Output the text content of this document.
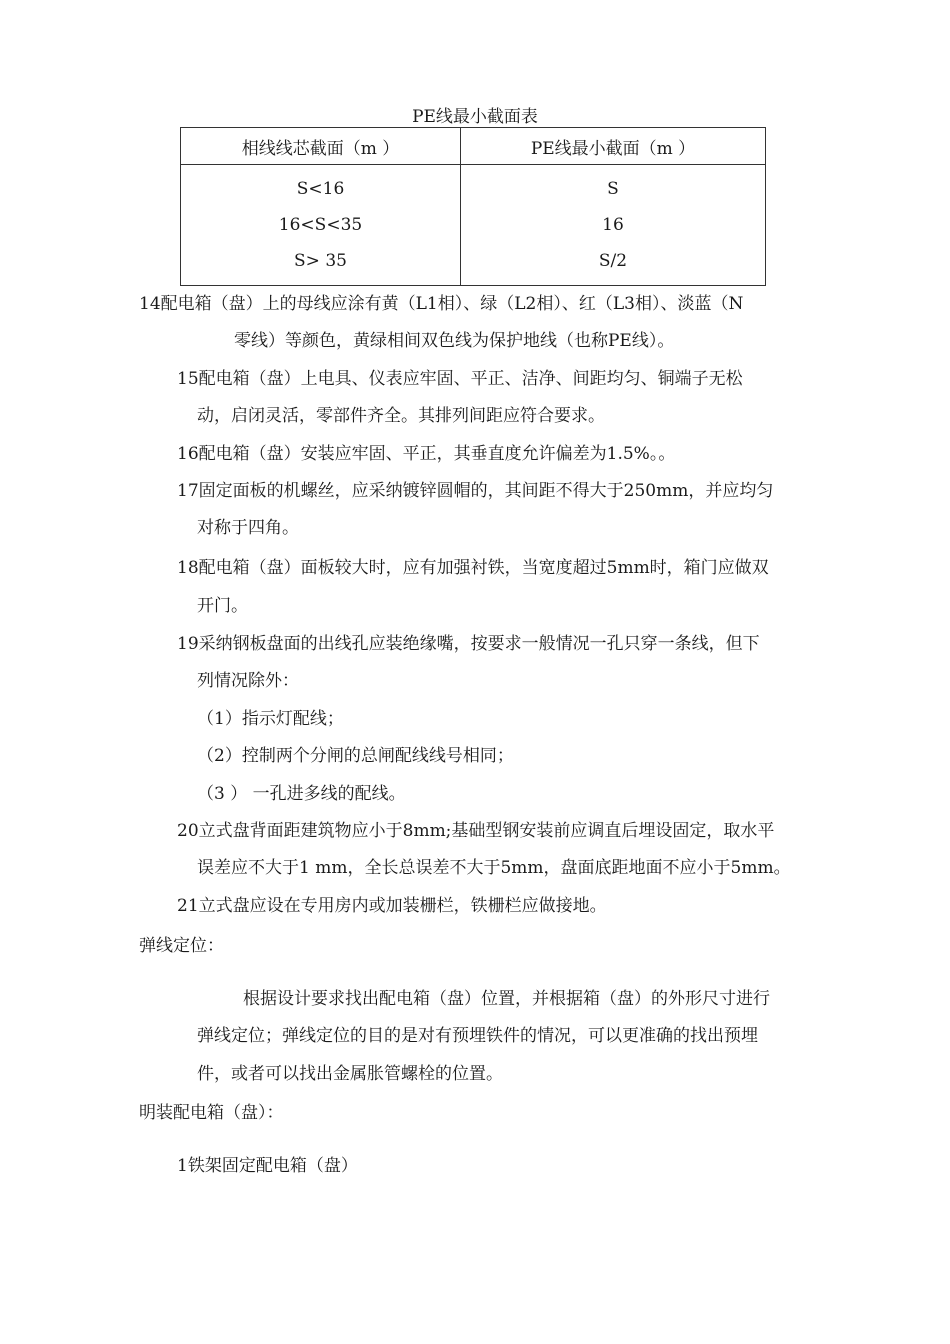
PE线最小截面表
相线线芯截面（m ）	PE线最小截面（m ）
S<16	S
16<S<35	16
S> 35	S/2
14配电箱（盘）上的母线应涂有黄（L1相）、绿（L2相）、红（L3相）、淡蓝（N
零线）等颜色，黄绿相间双色线为保护地线（也称PE线）。
15配电箱（盘）上电具、仪表应牢固、平正、洁净、间距均匀、铜端子无松
动，启闭灵活，零部件齐全。其排列间距应符合要求。
16配电箱（盘）安装应牢固、平正，其垂直度允许偏差为1.5%。。
17固定面板的机螺丝，应采纳镀锌圆帽的，其间距不得大于250mm，并应均匀
对称于四角。
18配电箱（盘）面板较大时，应有加强衬铁，当宽度超过5mm时，箱门应做双
开门。
19采纳钢板盘面的出线孔应装绝缘嘴，按要求一般情况一孔只穿一条线，但下
列情况除外：
（1）指示灯配线；
（2）控制两个分闸的总闸配线线号相同；
（3 ） 一孔进多线的配线。
20立式盘背面距建筑物应小于8mm;基础型钢安装前应调直后埋设固定，取水平
误差应不大于1 mm，全长总误差不大于5mm，盘面底距地面不应小于5mm。
21立式盘应设在专用房内或加装栅栏，铁栅栏应做接地。
弹线定位：
根据设计要求找出配电箱（盘）位置，并根据箱（盘）的外形尺寸进行
弹线定位；弹线定位的目的是对有预埋铁件的情况，可以更准确的找出预埋
件，或者可以找出金属胀管螺栓的位置。
明装配电箱（盘）：
1铁架固定配电箱（盘）
